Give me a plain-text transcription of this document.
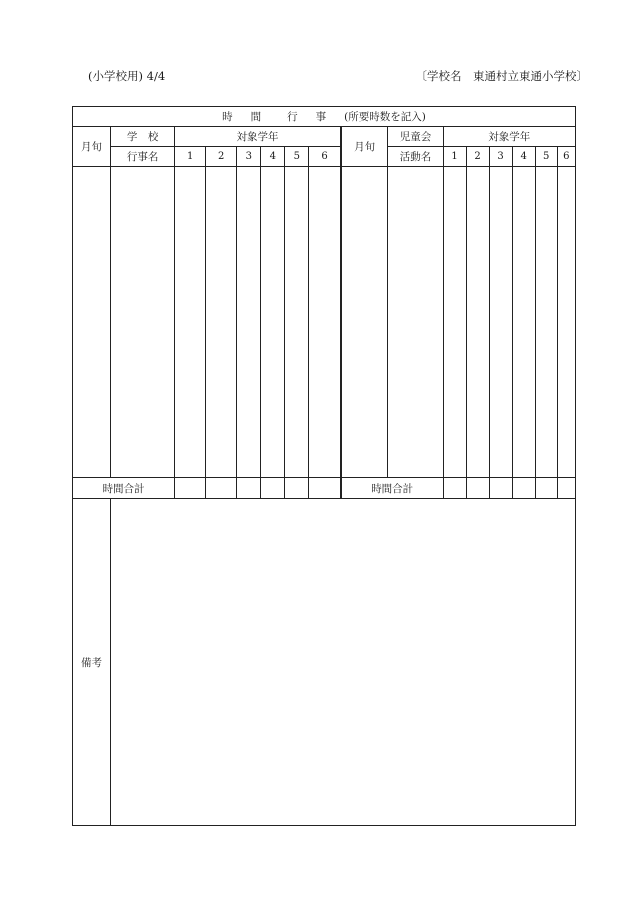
(小学校用) 4/4	〔学校名　東通村立東通小学校〕
時 間 行 事 (所要時数を記入)															
月旬	学　校	対象学年						月旬	児童会	対象学年					
	行事名	1	2	3	4	5	6		活動名	1	2	3	4	5	6

時間合計								時間合計							
備考															
